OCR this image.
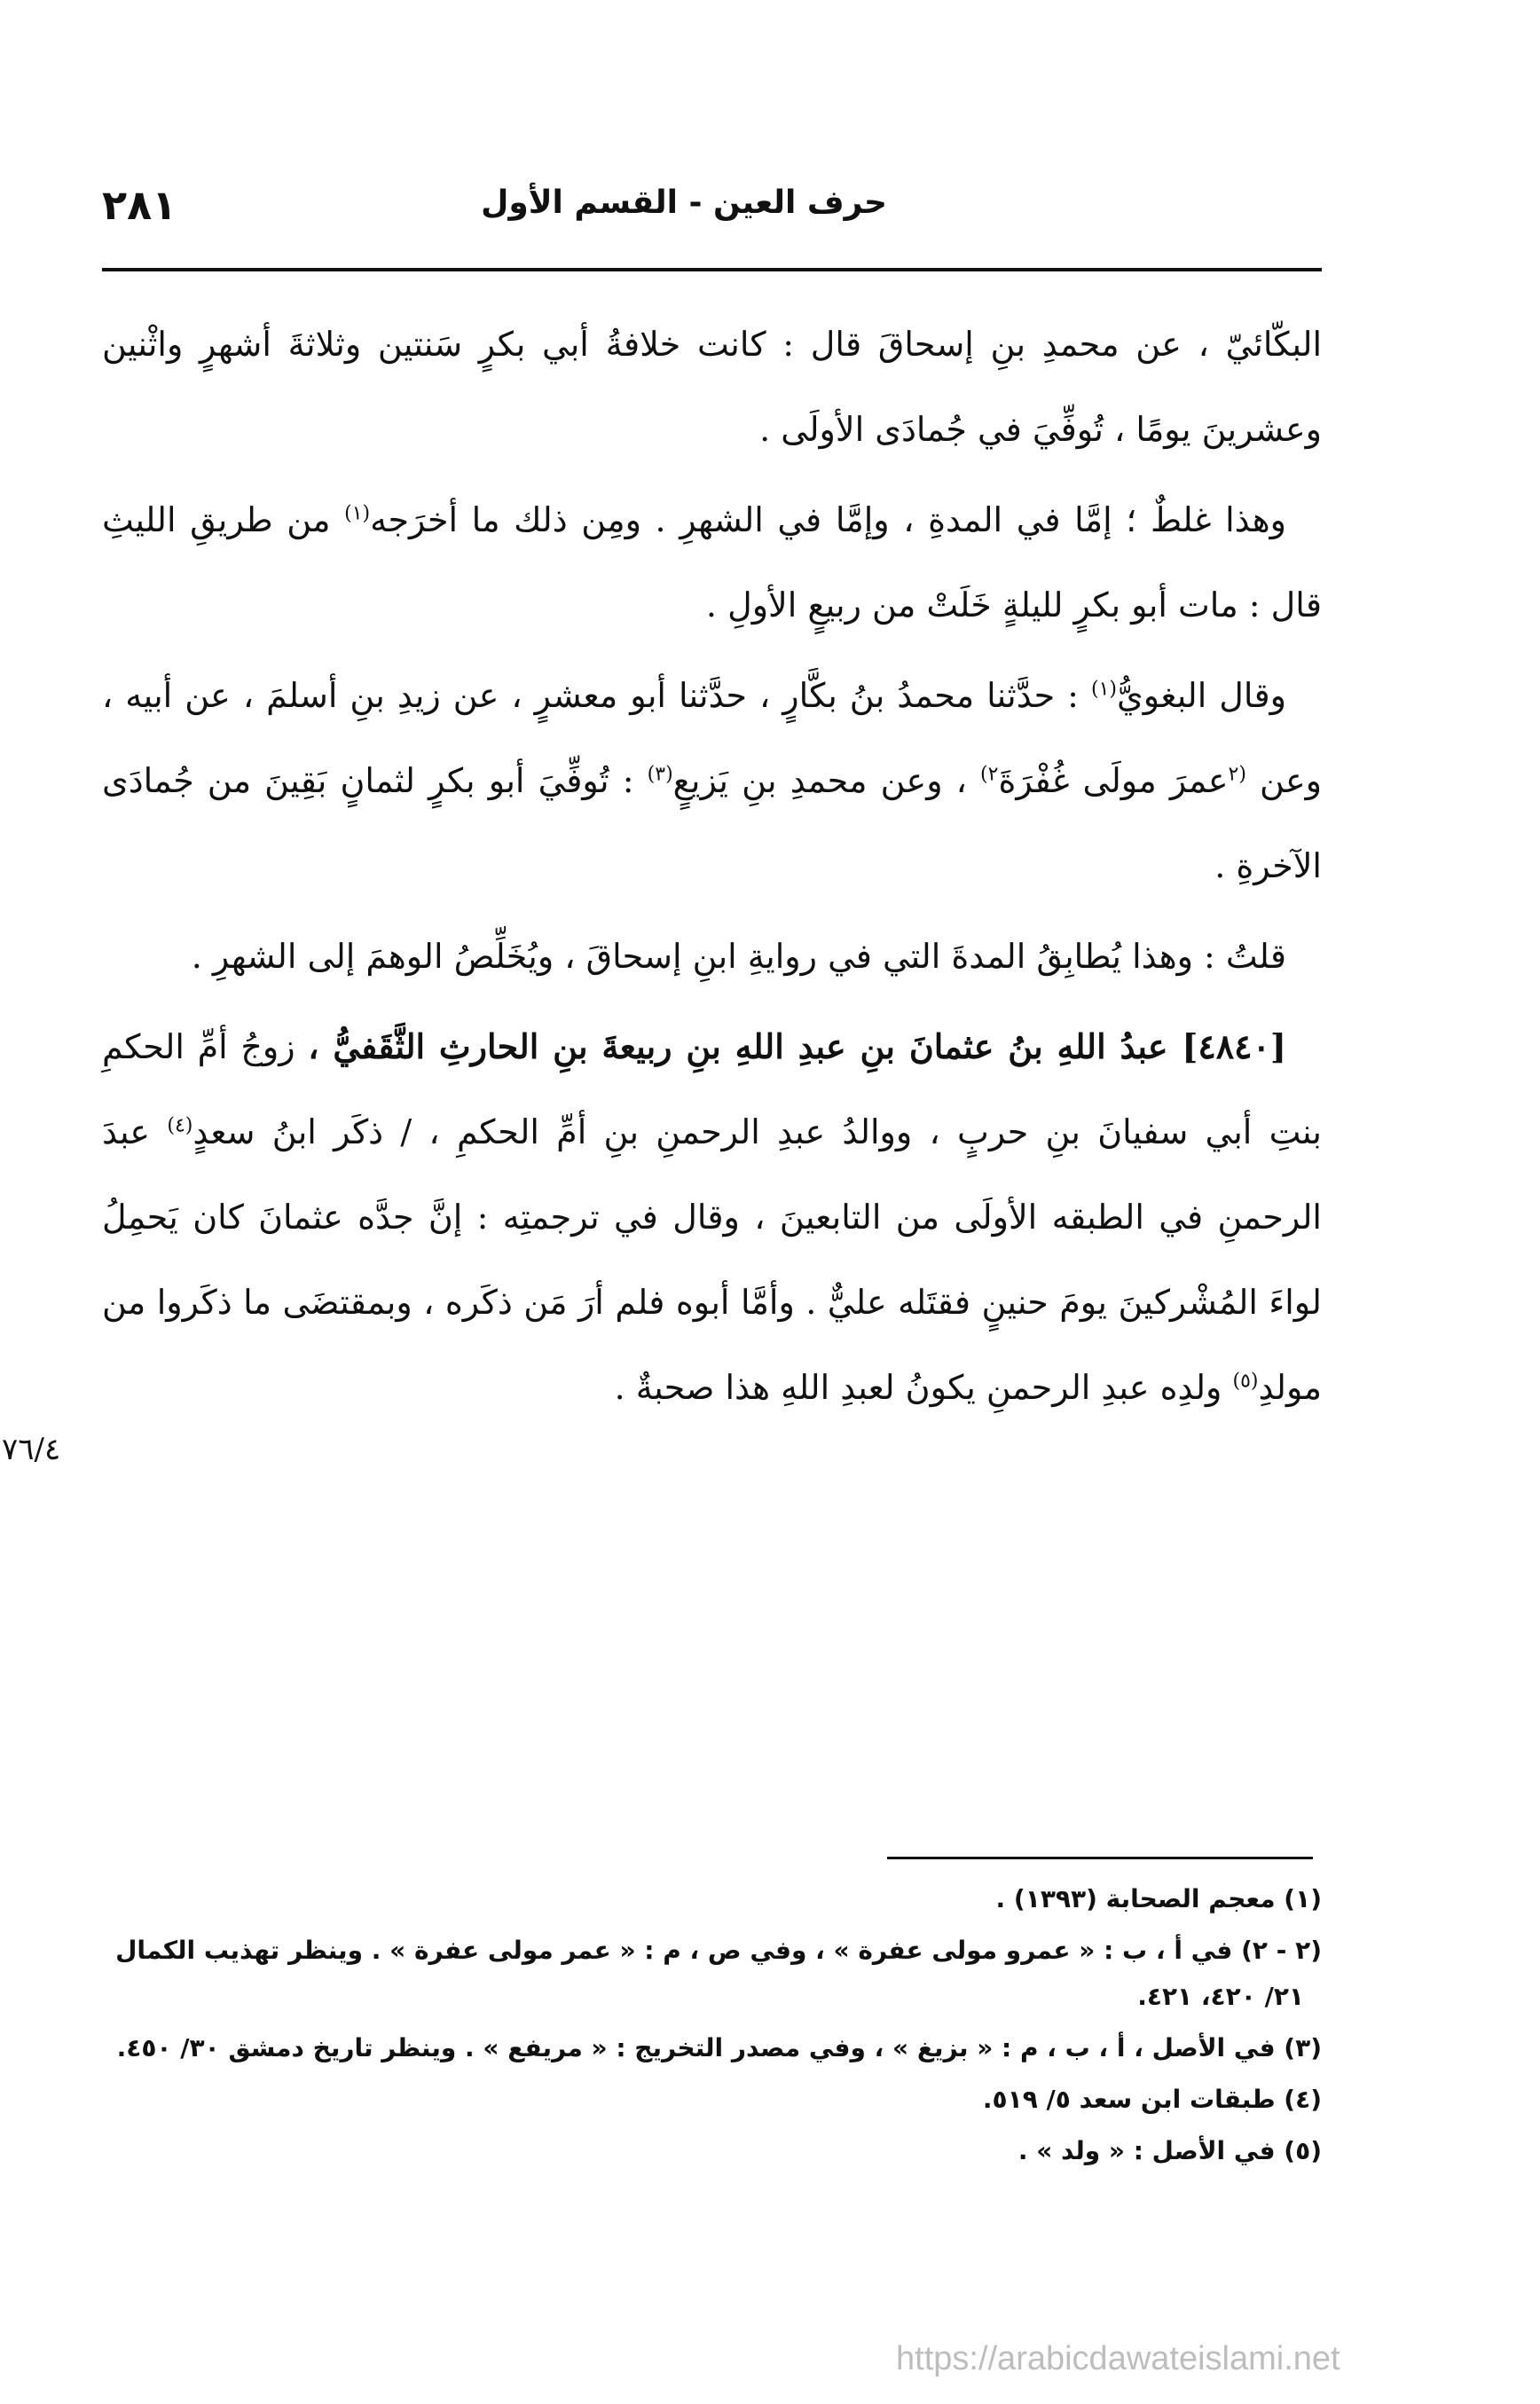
٢٨١	حرف العين - القسم الأول

البكّائيّ ، عن محمدِ بنِ إسحاقَ قال : كانت خلافةُ أبي بكرٍ سَنتين وثلاثةَ أشهرٍ واثْنين وعشرينَ يومًا ، تُوفِّيَ في جُمادَى الأولَى .

وهذا غلطٌ ؛ إمَّا في المدةِ ، وإمَّا في الشهرِ . ومِن ذلك ما أخرَجه$^{(١)}$ من طريقِ الليثِ قال : مات أبو بكرٍ لليلةٍ خَلَتْ من ربيعٍ الأولِ .

وقال البغويُّ$^{(١)}$ : حدَّثنا محمدُ بنُ بكَّارٍ ، حدَّثنا أبو معشرٍ ، عن زيدِ بنِ أسلمَ ، عن أبيه ، وعن $^{(٢}$عمرَ مولَى غُفْرَةَ$^{٢)}$ ، وعن محمدِ بنِ يَزيعٍ$^{(٣)}$ : تُوفِّيَ أبو بكرٍ لثمانٍ بَقِينَ من جُمادَى الآخرةِ .

قلتُ : وهذا يُطابِقُ المدةَ التي في روايةِ ابنِ إسحاقَ ، ويُخَلِّصُ الوهمَ إلى الشهرِ .

[٤٨٤٠] عبدُ اللهِ بنُ عثمانَ بنِ عبدِ اللهِ بنِ ربيعةَ بنِ الحارثِ الثَّقَفيُّ ، زوجُ أمِّ الحكمِ بنتِ أبي سفيانَ بنِ حربٍ ، ووالدُ عبدِ الرحمنِ بنِ أمِّ الحكمِ ، / ذكَر ابنُ سعدٍ$^{(٤)}$ عبدَ الرحمنِ في الطبقه الأولَى من التابعينَ ، وقال في ترجمتِه : إنَّ جدَّه عثمانَ كان يَحمِلُ لواءَ المُشْركينَ يومَ حنينٍ فقتَله عليٌّ . وأمَّا أبوه فلم أرَ مَن ذكَره ، وبمقتضَى ما ذكَروا من مولدِ$^{(٥)}$ ولدِه عبدِ الرحمنِ يكونُ لعبدِ اللهِ هذا صحبةٌ .

٧٦/٤

(١) معجم الصحابة (١٣٩٣) .

(٢ - ٢) في أ ، ب : « عمرو مولى عفرة » ، وفي ص ، م : « عمر مولى عفرة » . وينظر تهذيب الكمال
٢١/ ٤٢٠، ٤٢١.

(٣) في الأصل ، أ ، ب ، م : « بزيغ » ، وفي مصدر التخريج : « مريفع » . وينظر تاريخ دمشق ٣٠/ ٤٥٠.

(٤) طبقات ابن سعد ٥/ ٥١٩.

(٥) في الأصل : « ولد » .

https://arabicdawateislami.net
